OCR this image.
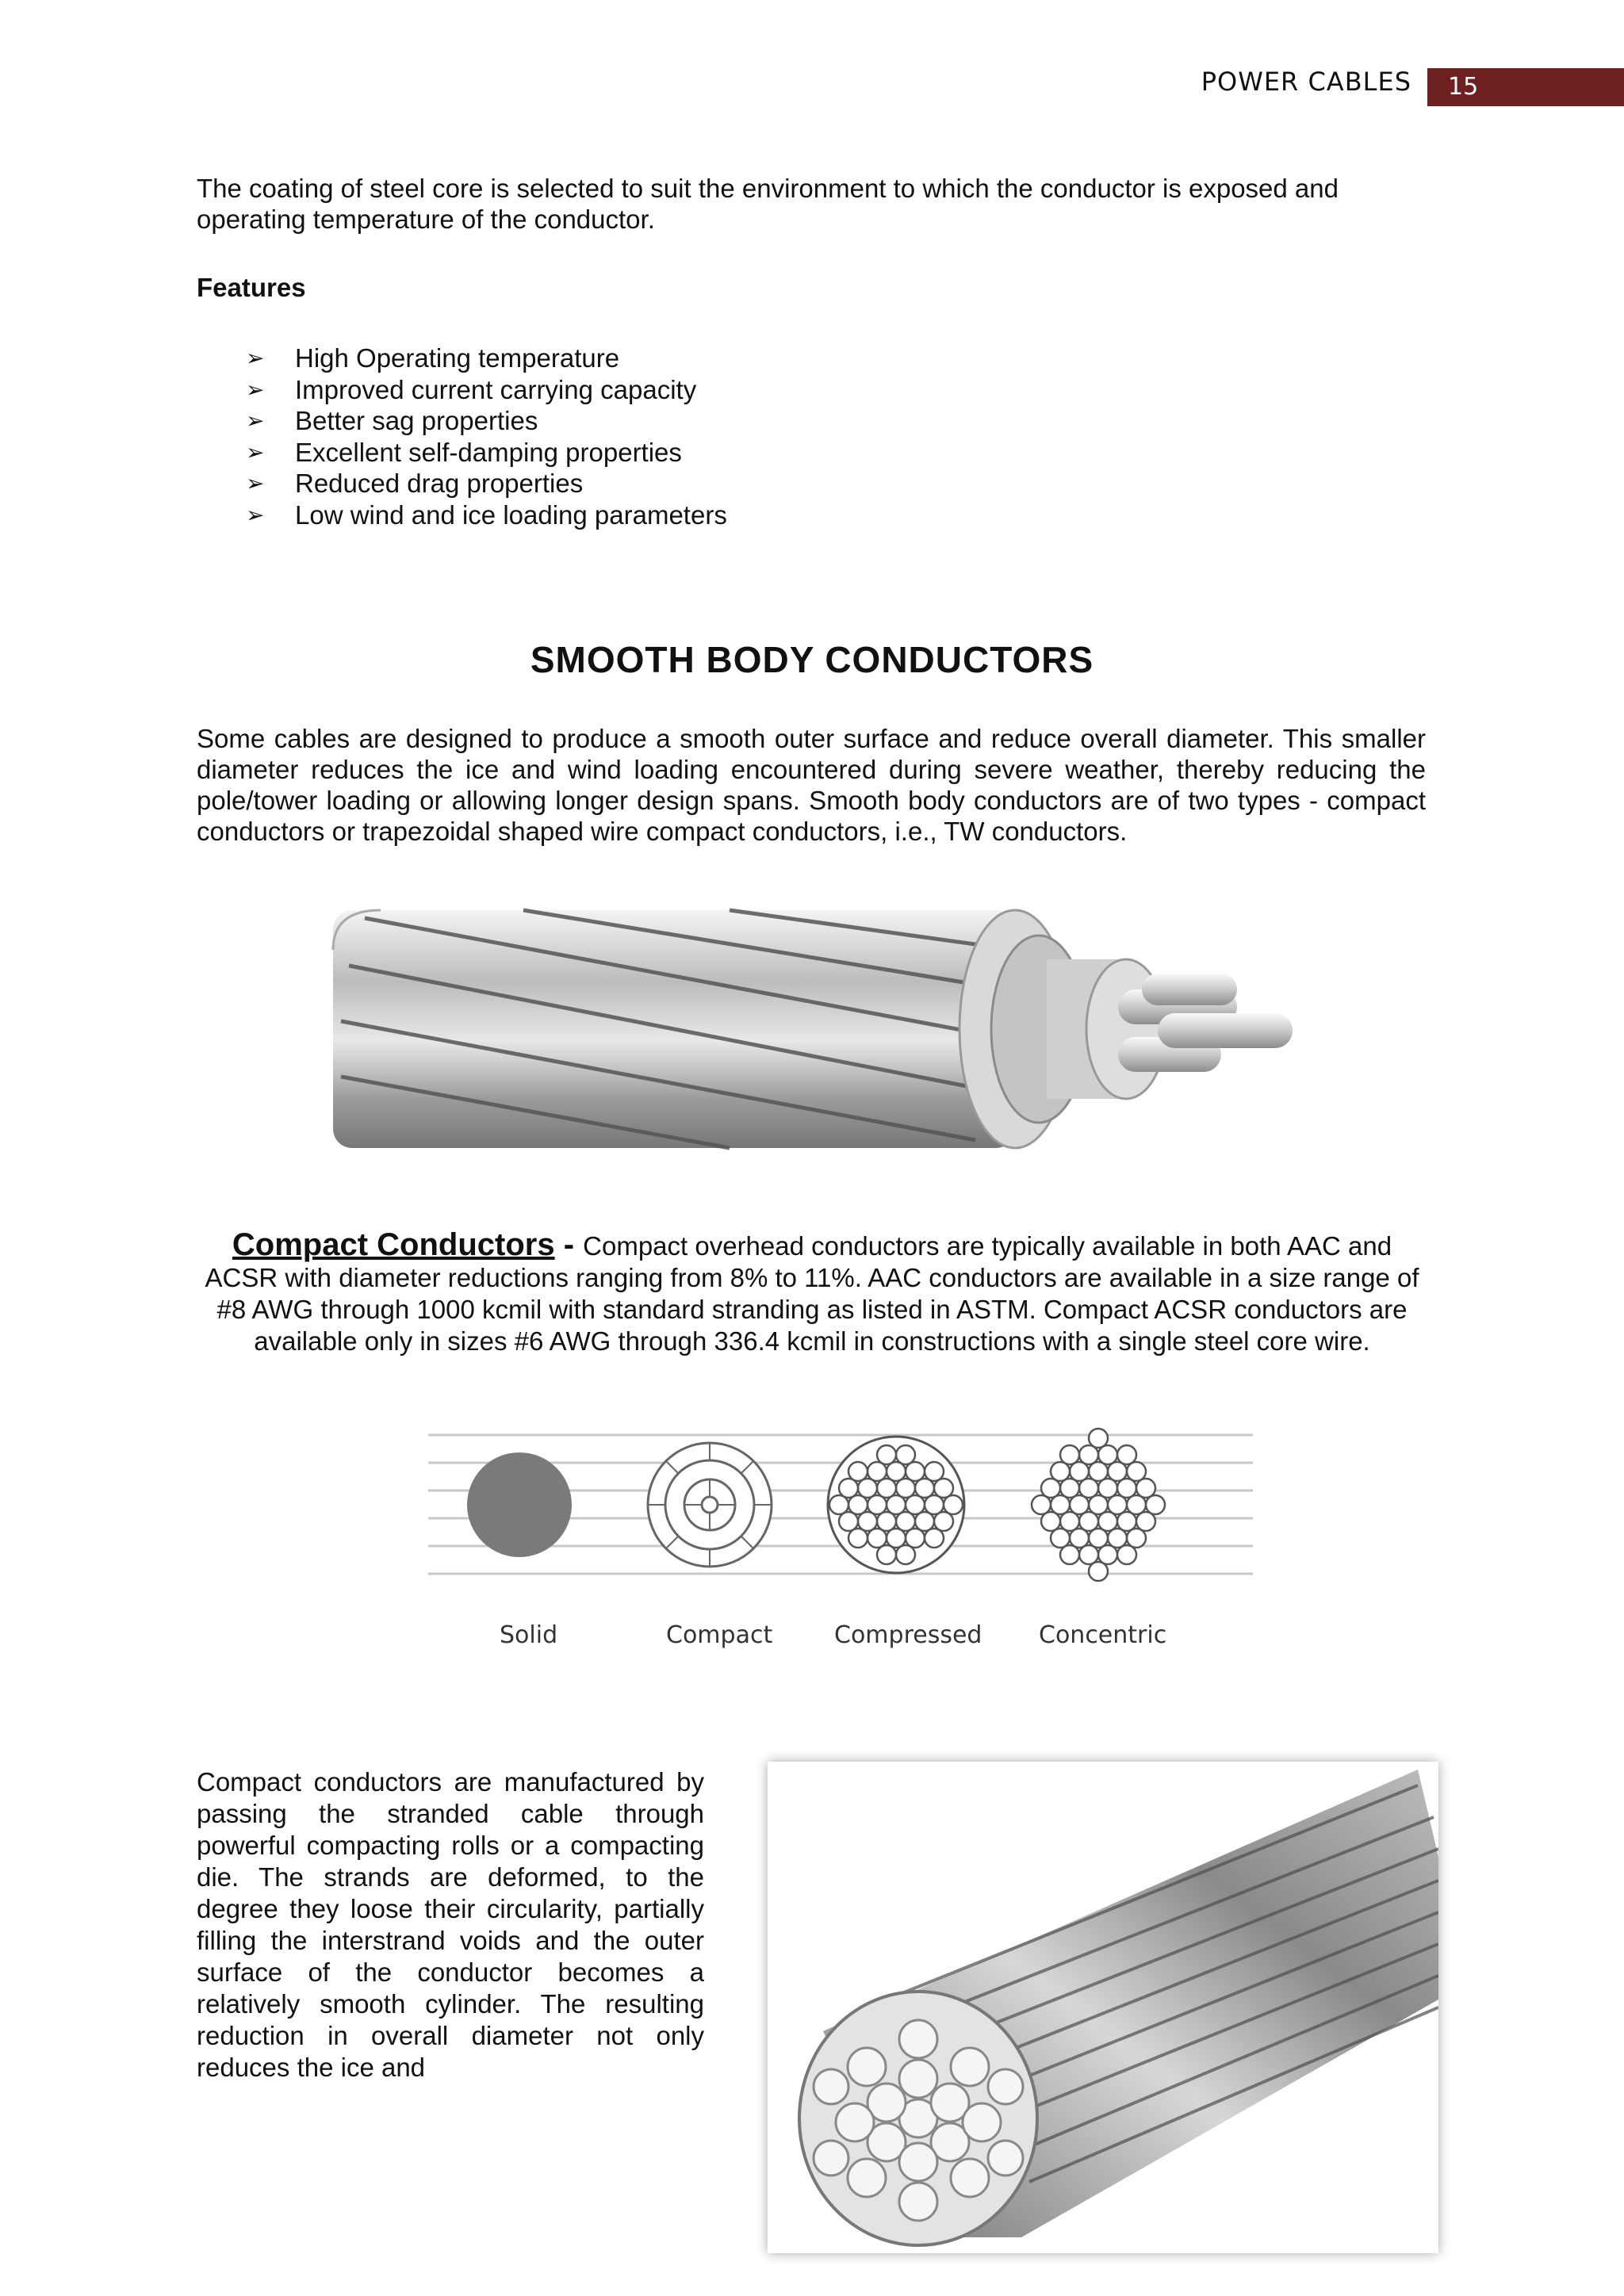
POWER CABLES 15
The coating of steel core is selected to suit the environment to which the conductor is exposed and operating temperature of the conductor.
Features
➢ High Operating temperature
➢ Improved current carrying capacity
➢ Better sag properties
➢ Excellent self-damping properties
➢ Reduced drag properties
➢ Low wind and ice loading parameters
SMOOTH BODY CONDUCTORS
Some cables are designed to produce a smooth outer surface and reduce overall diameter. This smaller diameter reduces the ice and wind loading encountered during severe weather, thereby reducing the pole/tower loading or allowing longer design spans. Smooth body conductors are of two types - compact conductors or trapezoidal shaped wire compact conductors, i.e., TW conductors.
Compact Conductors - Compact overhead conductors are typically available in both AAC and ACSR with diameter reductions ranging from 8% to 11%. AAC conductors are available in a size range of #8 AWG through 1000 kcmil with standard stranding as listed in ASTM. Compact ACSR conductors are available only in sizes #6 AWG through 336.4 kcmil in constructions with a single steel core wire.
Solid	Compact	Compressed Concentric
Compact conductors are manufactured by passing the stranded cable through powerful compacting rolls or a compacting die. The strands are deformed, to the degree they loose their circularity, partially filling the interstrand voids and the outer surface of the conductor becomes a relatively smooth cylinder. The resulting reduction in overall diameter not only reduces the ice and
